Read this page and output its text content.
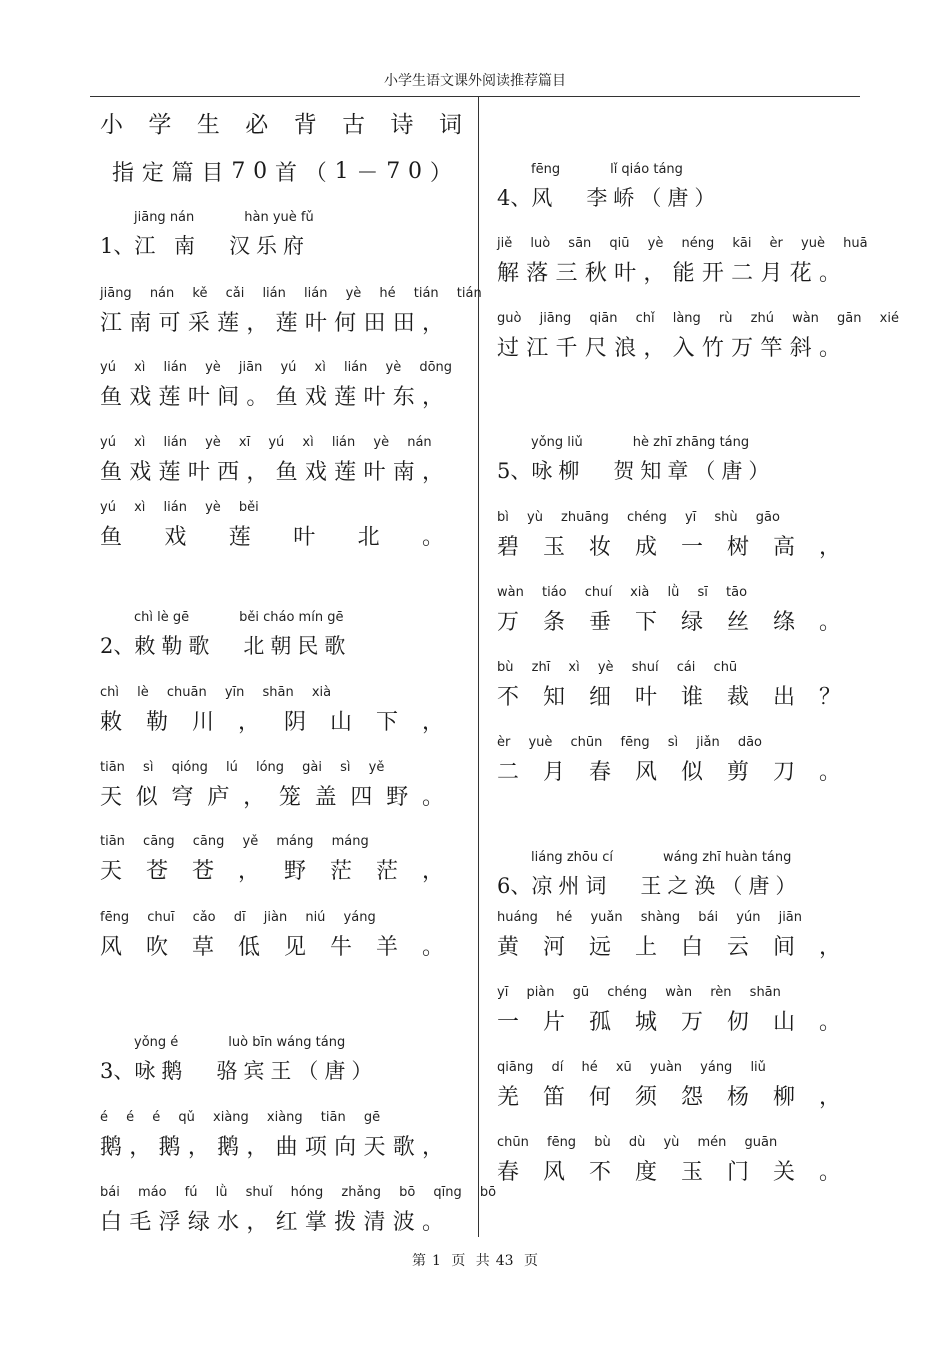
小学生语文课外阅读推荐篇目
小 学 生 必 背 古 诗 词
指 定 篇 目 7 0 首 （ 1 － 7 0 ）
jiāng nán	hàn yuè fǔ
1、 江 南 汉乐府
jiāng nán kě cǎi lián lián yè hé tián tián
江南可采莲，莲叶何田田，
yú xì lián yè jiān yú xì lián yè dōng
鱼戏莲叶间。鱼戏莲叶东，
yú xì lián yè xī yú xì lián yè nán
鱼戏莲叶西，鱼戏莲叶南，
yú xì lián yè běi
鱼戏莲叶北。
chì lè gē	běi cháo mín gē
2、 敕勒歌 北朝民歌
chì lè chuān yīn shān xià
敕勒川，阴山下，
tiān sì qióng lú lóng gài sì yě
天似穹庐，笼盖四野。
tiān cāng cāng yě máng máng
天苍苍，野茫茫，
fēng chuī cǎo dī jiàn niú yáng
风吹草低见牛羊。
yǒng é	luò bīn wáng táng
3、 咏鹅 骆宾王（唐）
é é é qǔ xiàng xiàng tiān gē
鹅，鹅，鹅，曲项向天歌，
bái máo fú lǜ shuǐ hóng zhǎng bō qīng bō
白毛浮绿水，红掌拨清波。
fēng	lǐ qiáo táng
4、 风 李峤（唐）
jiě luò sān qiū yè néng kāi èr yuè huā
解落三秋叶，能开二月花。
guò jiāng qiān chǐ làng rù zhú wàn gān xié
过江千尺浪，入竹万竿斜。
yǒng liǔ	hè zhī zhāng táng
5、 咏柳 贺知章（唐）
bì yù zhuāng chéng yī shù gāo
碧玉妆成一树高，
wàn tiáo chuí xià lǜ sī tāo
万条垂下绿丝绦。
bù zhī xì yè shuí cái chū
不知细叶谁裁出？
èr yuè chūn fēng sì jiǎn dāo
二月春风似剪刀。
liáng zhōu cí	wáng zhī huàn táng
6、 凉州词 王之涣（唐）
huáng hé yuǎn shàng bái yún jiān
黄河远上白云间，
yī piàn gū chéng wàn rèn shān
一片孤城万仞山。
qiāng dí hé xū yuàn yáng liǔ
羌笛何须怨杨柳，
chūn fēng bù dù yù mén guān
春风不度玉门关。
第 1 页 共 43 页
